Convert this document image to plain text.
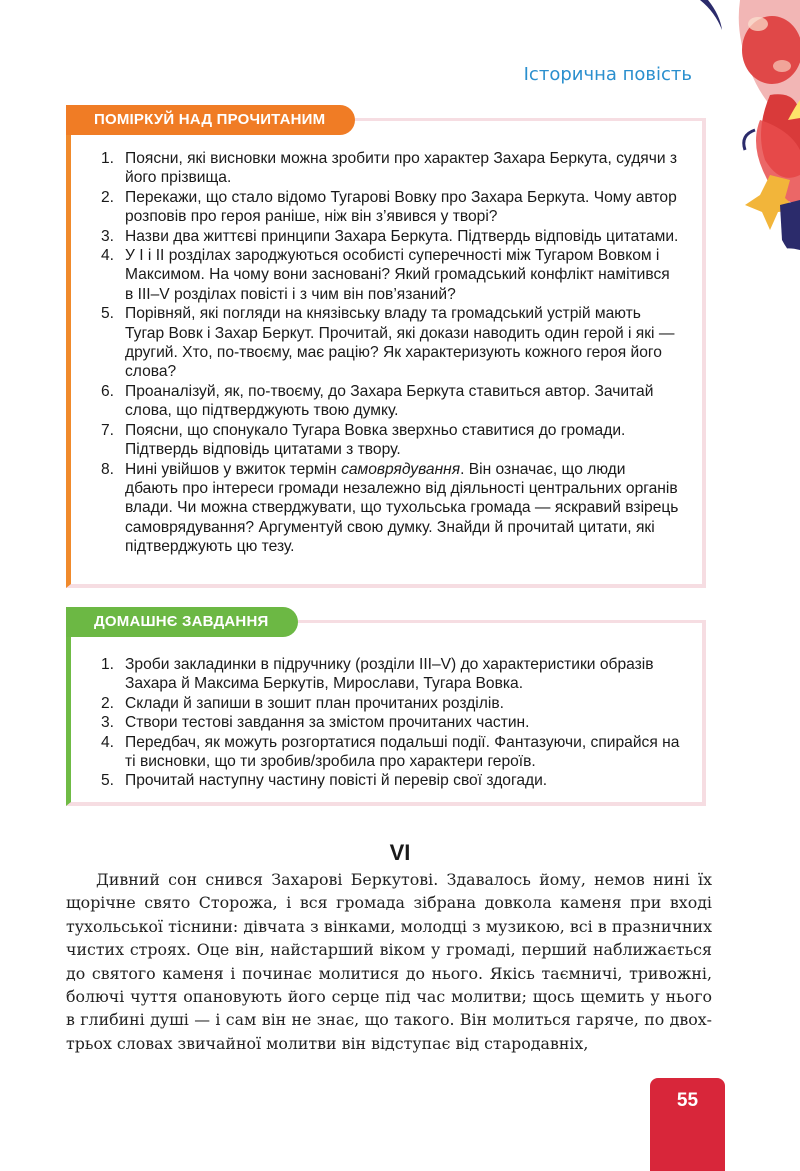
Історична повість
ПОМІРКУЙ НАД ПРОЧИТАНИМ
1. Поясни, які висновки можна зробити про характер Захара Беркута, судячи з його прізвища.
2. Перекажи, що стало відомо Тугарові Вовку про Захара Беркута. Чому автор розповів про героя раніше, ніж він з’явився у творі?
3. Назви два життєві принципи Захара Беркута. Підтвердь відповідь цитатами.
4. У І і ІІ розділах зароджуються особисті суперечності між Тугаром Вовком і Максимом. На чому вони засновані? Який громадський конфлікт намітився в ІІІ–V розділах повісті і з чим він пов’язаний?
5. Порівняй, які погляди на князівську владу та громадський устрій мають Тугар Вовк і Захар Беркут. Прочитай, які докази наводить один герой і які — другий. Хто, по-твоєму, має рацію? Як характеризують кожного героя його слова?
6. Проаналізуй, як, по-твоєму, до Захара Беркута ставиться автор. Зачитай слова, що підтверджують твою думку.
7. Поясни, що спонукало Тугара Вовка зверхньо ставитися до громади. Підтвердь відповідь цитатами з твору.
8. Нині увійшов у вжиток термін самоврядування. Він означає, що люди дбають про інтереси громади незалежно від діяльності центральних органів влади. Чи можна стверджувати, що тухольська громада — яскравий взірець самоврядування? Аргументуй свою думку. Знайди й прочитай цитати, які підтверджують цю тезу.
ДОМАШНЄ ЗАВДАННЯ
1. Зроби закладинки в підручнику (розділи ІІІ–V) до характеристики образів Захара й Максима Беркутів, Мирослави, Тугара Вовка.
2. Склади й запиши в зошит план прочитаних розділів.
3. Створи тестові завдання за змістом прочитаних частин.
4. Передбач, як можуть розгортатися подальші події. Фантазуючи, спирайся на ті висновки, що ти зробив/зробила про характери героїв.
5. Прочитай наступну частину повісті й перевір свої здогади.
VI

Дивний сон снився Захарові Беркутові. Здавалось йому, немов нині їх щорічне свято Сторожа, і вся громада зібрана довкола каменя при вході тухольської тіснини: дівчата з вінками, молодці з музикою, всі в празничних чистих строях. Оце він, найстарший віком у громаді, перший наближається до святого каменя і починає молитися до нього. Якісь таємничі, тривожні, болючі чуття опановують його серце під час молитви; щось щемить у нього в глибині душі — і сам він не знає, що такого. Він молиться гаряче, по двох-трьох словах звичайної молитви він відступає від стародавніх,

55
